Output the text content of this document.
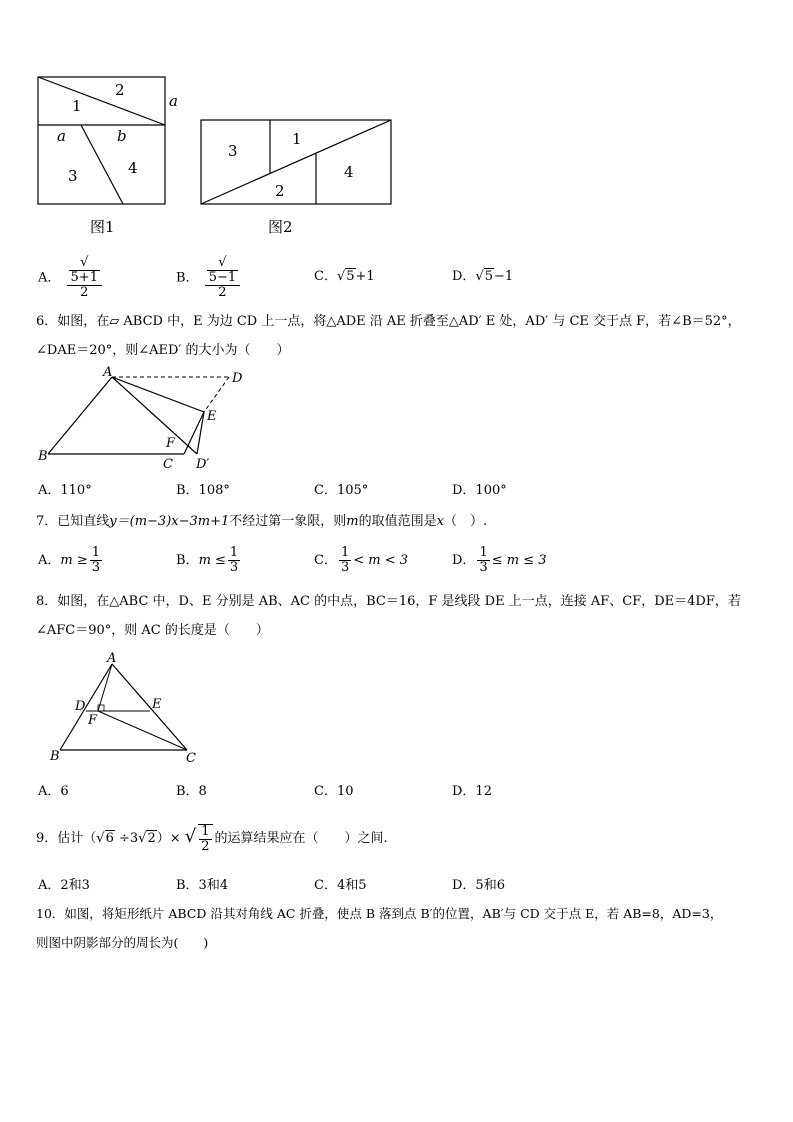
2
1	a
a	b
3	4
图1
3
1
2
4
图2
A． √
5+1
2	B． √
5−1
2	C．√5+1	D．√5−1
6．如图，在▱ ABCD 中，E 为边 CD 上一点，将△ADE 沿 AE 折叠至△AD′ E 处，AD′ 与 CE 交于点 F，若∠B＝52°，
∠DAE＝20°，则∠AED′ 的大小为（　　）
A	D
E
F
B
C D′
A．110°	B．108°	C．105°	D．100°
7．已知直线y＝(m−3)x−3m+1不经过第一象限，则m的取值范围是x（　）.
A．$m \ge \frac{1}{3}$	B．$m \le \frac{1}{3}$	C． $\frac{1}{3} < m < 3$	D． $\frac{1}{3} \le m \le 3$
8．如图，在△ABC 中，D、E 分别是 AB、AC 的中点，BC＝16，F 是线段 DE 上一点，连接 AF、CF，DE＝4DF，若
∠AFC＝90°，则 AC 的长度是（　　）
A
D	E
F
B	C
A．6	B．8	C．10	D．12
9．估计（√6 ÷3√2）× √ $\frac{1}{2}$ 的运算结果应在（　　）之间.
A．2和3	B．3和4	C．4和5	D．5和6
10．如图，将矩形纸片 ABCD 沿其对角线 AC 折叠，使点 B 落到点 B′的位置，AB′与 CD 交于点 E，若 AB=8，AD=3，
则图中阴影部分的周长为(　　)
